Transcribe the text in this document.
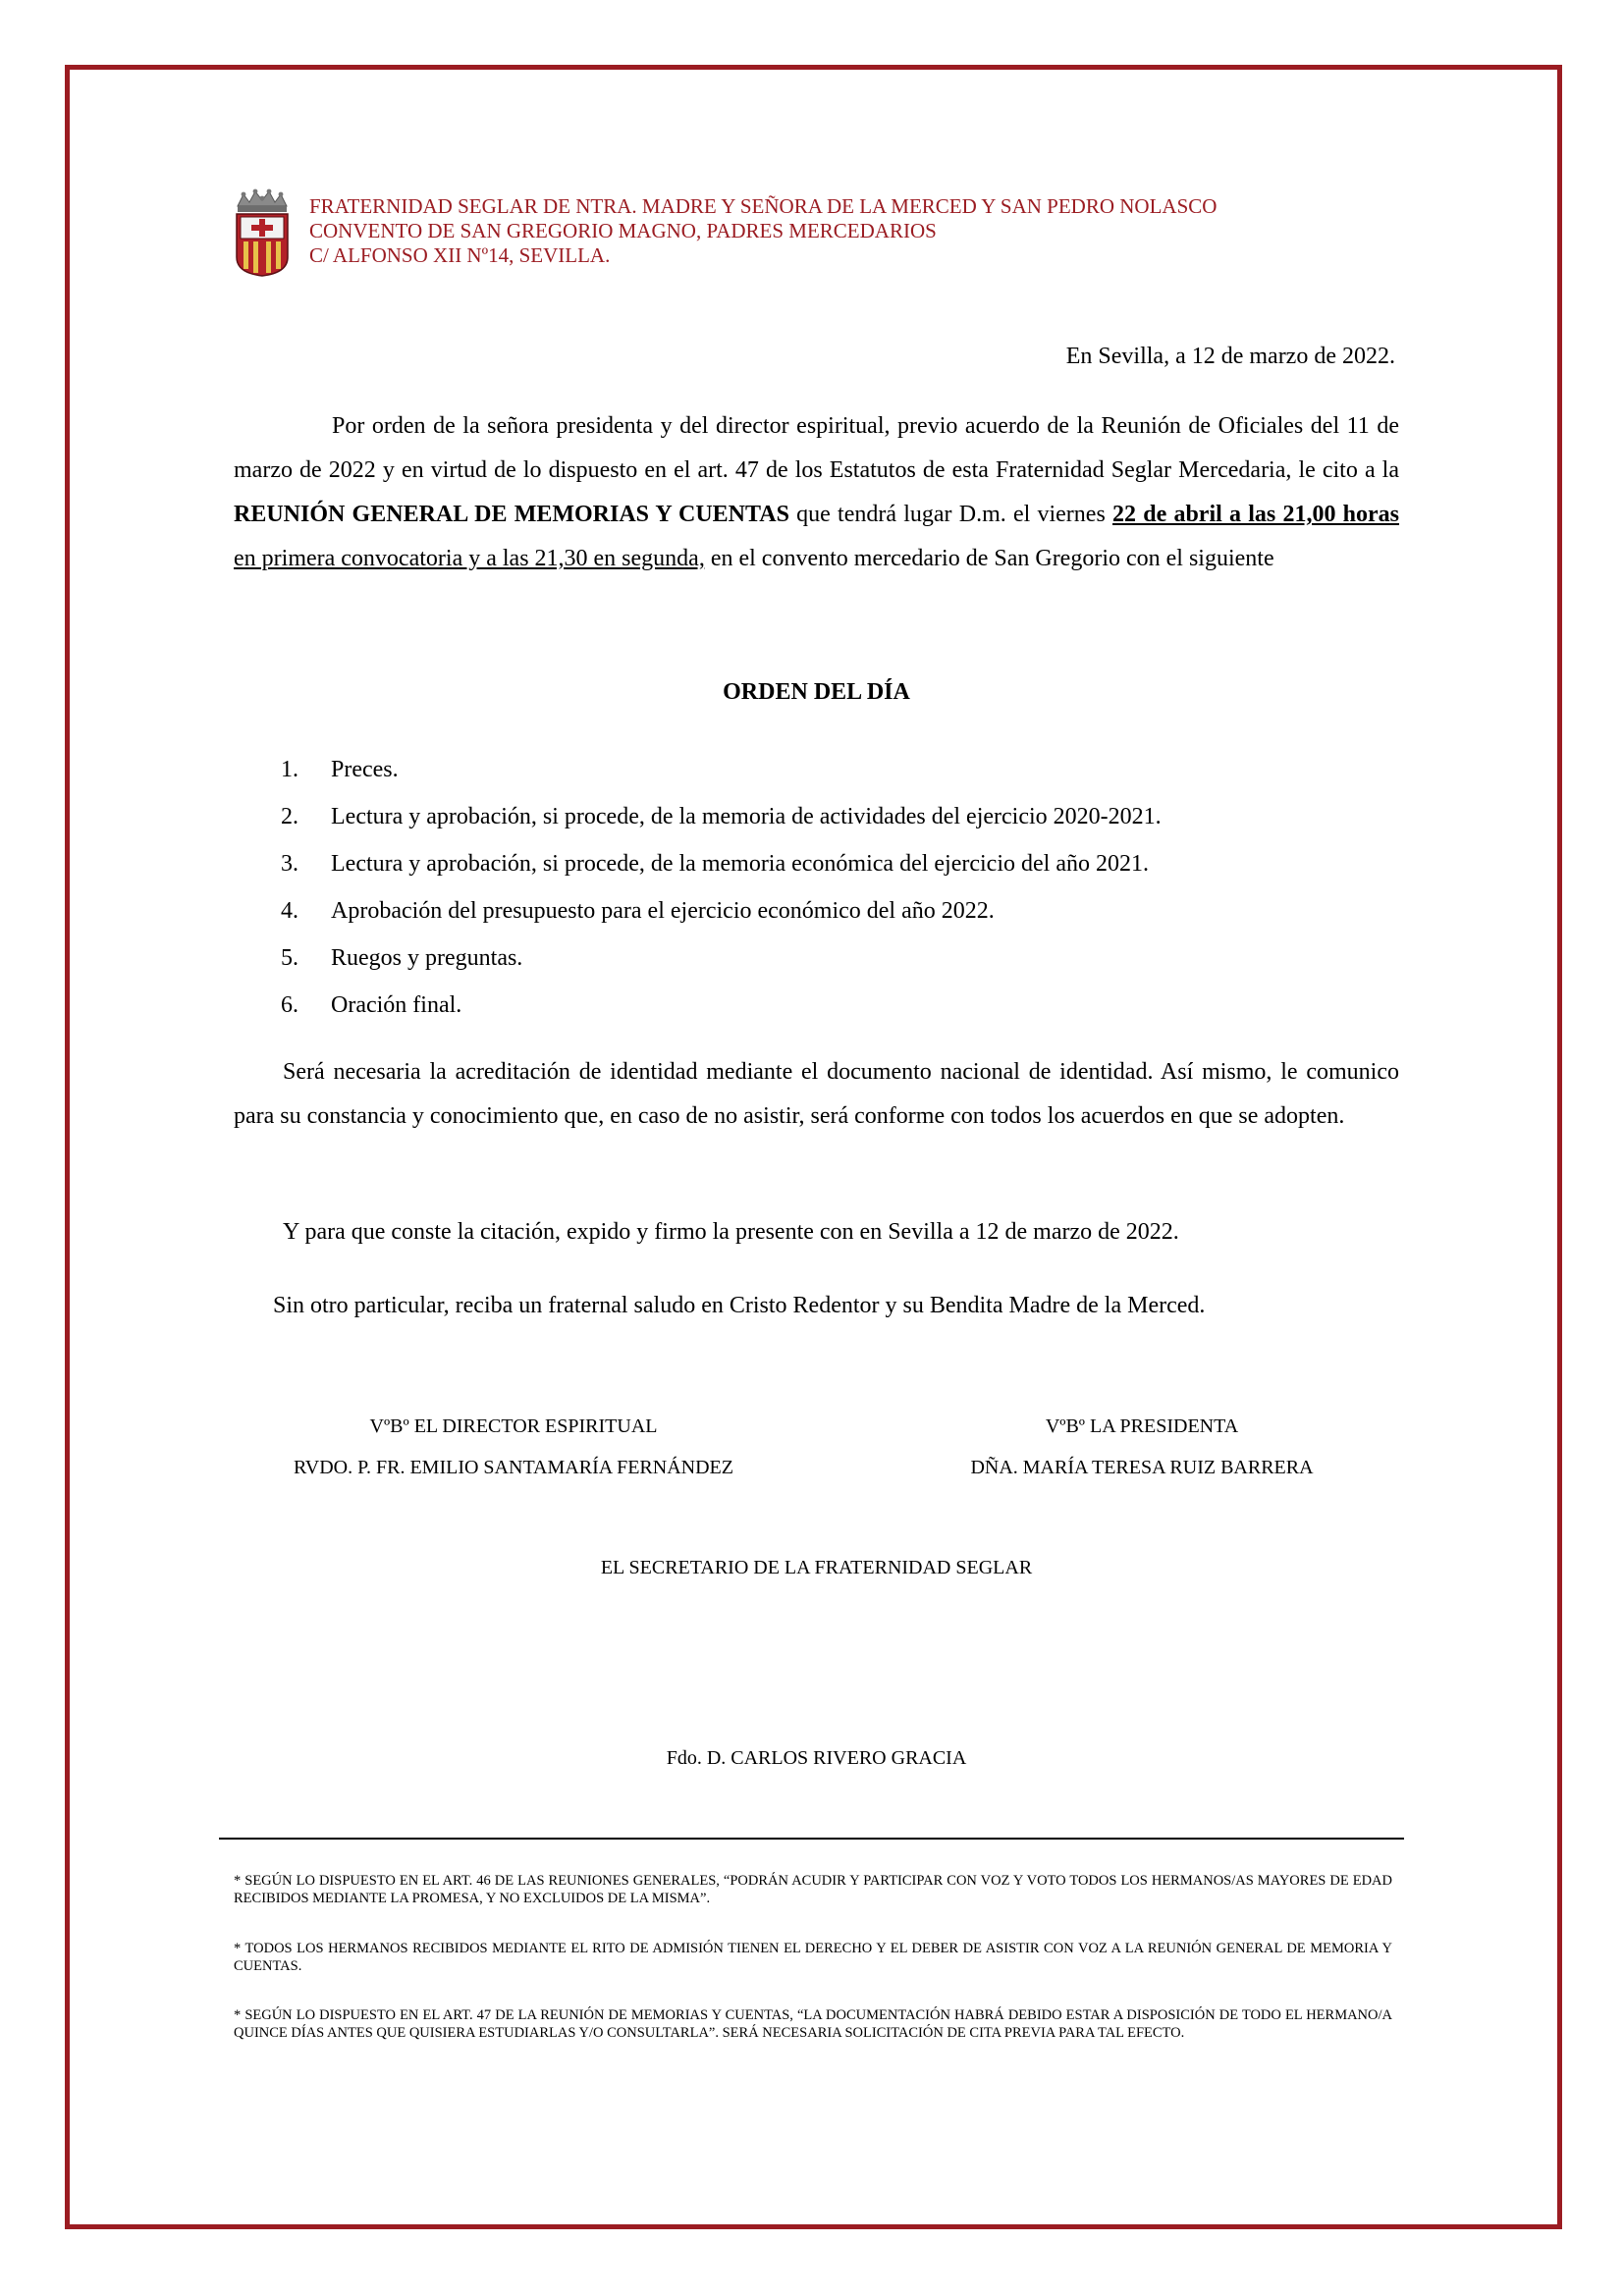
FRATERNIDAD SEGLAR DE NTRA. MADRE Y SEÑORA DE LA MERCED Y SAN PEDRO NOLASCO
CONVENTO DE SAN GREGORIO MAGNO, PADRES MERCEDARIOS
C/ ALFONSO XII Nº14, SEVILLA.
En Sevilla, a 12 de marzo de 2022.

Por orden de la señora presidenta y del director espiritual, previo acuerdo de la Reunión de Oficiales del 11 de marzo de 2022 y en virtud de lo dispuesto en el art. 47 de los Estatutos de esta Fraternidad Seglar Mercedaria, le cito a la REUNIÓN GENERAL DE MEMORIAS Y CUENTAS que tendrá lugar D.m. el viernes 22 de abril a las 21,00 horas en primera convocatoria y a las 21,30 en segunda, en el convento mercedario de San Gregorio con el siguiente

ORDEN DEL DÍA
1. Preces.
2. Lectura y aprobación, si procede, de la memoria de actividades del ejercicio 2020-2021.
3. Lectura y aprobación, si procede, de la memoria económica del ejercicio del año 2021.
4. Aprobación del presupuesto para el ejercicio económico del año 2022.
5. Ruegos y preguntas.
6. Oración final.

Será necesaria la acreditación de identidad mediante el documento nacional de identidad. Así mismo, le comunico para su constancia y conocimiento que, en caso de no asistir, será conforme con todos los acuerdos en que se adopten.

Y para que conste la citación, expido y firmo la presente con en Sevilla a 12 de marzo de 2022.

Sin otro particular, reciba un fraternal saludo en Cristo Redentor y su Bendita Madre de la Merced.

VºBº EL DIRECTOR ESPIRITUAL
RVDO. P. FR. EMILIO SANTAMARÍA FERNÁNDEZ
VºBº LA PRESIDENTA
DÑA. MARÍA TERESA RUIZ BARRERA
EL SECRETARIO DE LA FRATERNIDAD SEGLAR
Fdo. D. CARLOS RIVERO GRACIA

* SEGÚN LO DISPUESTO EN EL ART. 46 DE LAS REUNIONES GENERALES, “PODRÁN ACUDIR Y PARTICIPAR CON VOZ Y VOTO TODOS LOS HERMANOS/AS MAYORES DE EDAD RECIBIDOS MEDIANTE LA PROMESA, Y NO EXCLUIDOS DE LA MISMA”.

* TODOS LOS HERMANOS RECIBIDOS MEDIANTE EL RITO DE ADMISIÓN TIENEN EL DERECHO Y EL DEBER DE ASISTIR CON VOZ A LA REUNIÓN GENERAL DE MEMORIA Y CUENTAS.

* SEGÚN LO DISPUESTO EN EL ART. 47 DE LA REUNIÓN DE MEMORIAS Y CUENTAS, “LA DOCUMENTACIÓN HABRÁ DEBIDO ESTAR A DISPOSICIÓN DE TODO EL HERMANO/A QUINCE DÍAS ANTES QUE QUISIERA ESTUDIARLAS Y/O CONSULTARLA”. SERÁ NECESARIA SOLICITACIÓN DE CITA PREVIA PARA TAL EFECTO.
